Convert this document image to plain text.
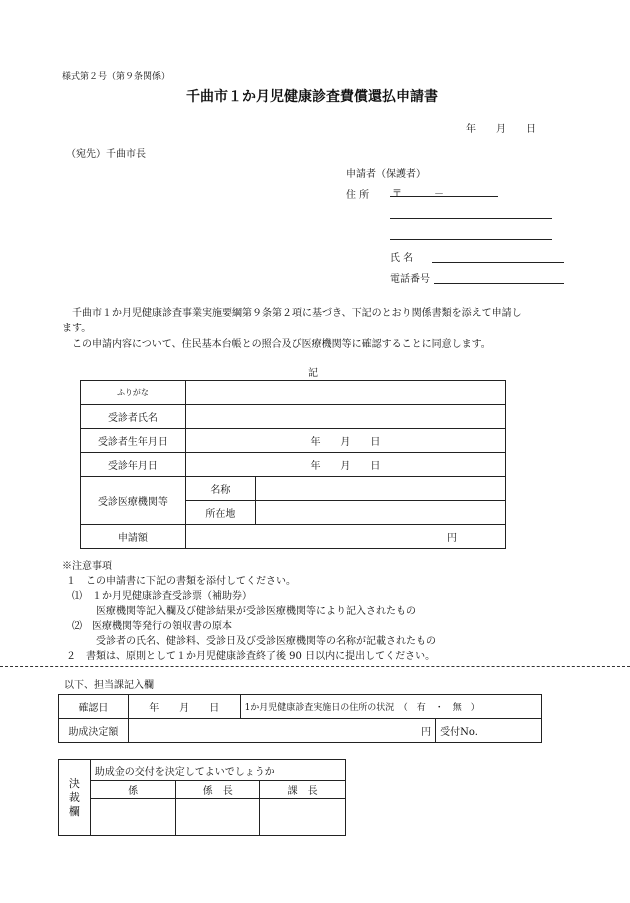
様式第２号（第９条関係）
千曲市１か月児健康診査費償還払申請書
年　　月　　日
（宛先）千曲市長
申請者（保護者）
住 所 〒	－
氏 名
電話番号
千曲市１か月児健康診査事業実施要綱第９条第２項に基づき、下記のとおり関係書類を添えて申請し
ます。
この申請内容について、住民基本台帳との照合及び医療機関等に確認することに同意します。
記
ふりがな		
受診者氏名		
受診者生年月日	年　　月　　日	
受診年月日	年　　月　　日	
受診医療機関等	名称	
	所在地	
申請額	円	
※注意事項
１　この申請書に下記の書類を添付してください。
⑴　１か月児健康診査受診票（補助券）
医療機関等記入欄及び健診結果が受診医療機関等により記入されたもの
⑵　医療機関等発行の領収書の原本
受診者の氏名、健診料、受診日及び受診医療機関等の名称が記載されたもの
２　書類は、原則として１か月児健康診査終了後 90 日以内に提出してください。
以下、担当課記入欄
確認日	年　　月　　日	1か月児健康診査実施日の住所の状況　（　有　・　無　）	
助成決定額	円		受付No.
決裁欄	助成金の交付を決定してよいでしょうか		
	係	係　長	課　長
